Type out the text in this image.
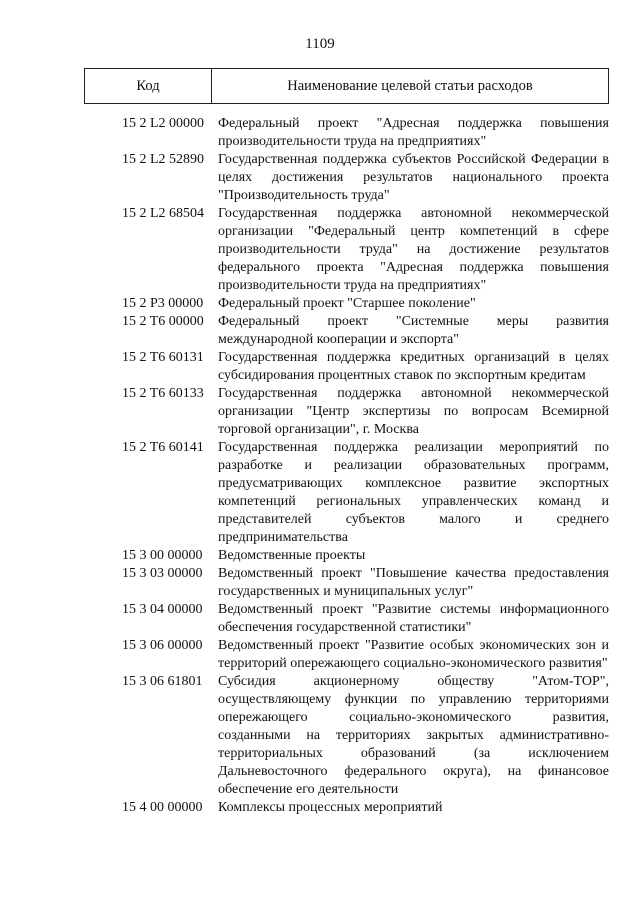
1109
Код	Наименование целевой статьи расходов
15 2 L2 00000 Федеральный проект "Адресная поддержка повышения производительности труда на предприятиях"
15 2 L2 52890 Государственная поддержка субъектов Российской Федерации в целях достижения результатов национального проекта "Производительность труда"
15 2 L2 68504 Государственная поддержка автономной некоммерческой организации "Федеральный центр компетенций в сфере производительности труда" на достижение результатов федерального проекта "Адресная поддержка повышения производительности труда на предприятиях"
15 2 P3 00000	Федеральный проект "Старшее поколение"
15 2 T6 00000	Федеральный проект "Системные меры развития международной кооперации и экспорта"
15 2 T6 60131	Государственная поддержка кредитных организаций в целях субсидирования процентных ставок по экспортным кредитам
15 2 T6 60133	Государственная поддержка автономной некоммерческой организации "Центр экспертизы по вопросам Всемирной торговой организации", г. Москва
15 2 T6 60141	Государственная поддержка реализации мероприятий по разработке и реализации образовательных программ, предусматривающих комплексное развитие экспортных компетенций региональных управленческих команд и представителей субъектов малого и среднего предпринимательства
15 3 00 00000	Ведомственные проекты
15 3 03 00000	Ведомственный проект "Повышение качества предоставления государственных и муниципальных услуг"
15 3 04 00000	Ведомственный проект "Развитие системы информационного обеспечения государственной статистики"
15 3 06 00000	Ведомственный проект "Развитие особых экономических зон и территорий опережающего социально-экономического развития"
15 3 06 61801	Субсидия акционерному обществу "Атом-ТОР", осуществляющему функции по управлению территориями опережающего социально-экономического развития, созданными на территориях закрытых административно-территориальных образований (за исключением Дальневосточного федерального округа), на финансовое обеспечение его деятельности
15 4 00 00000	Комплексы процессных мероприятий
